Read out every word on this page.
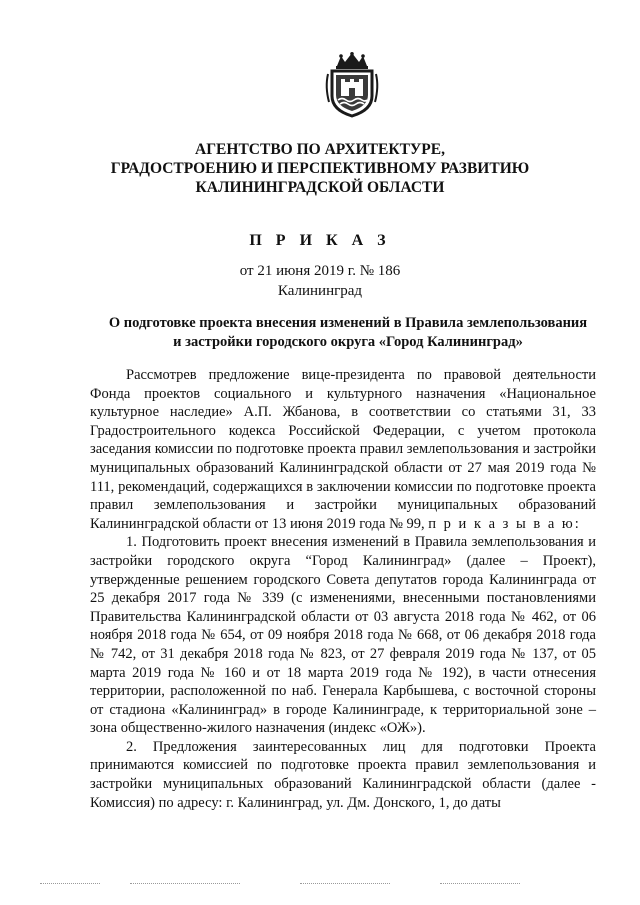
АГЕНТСТВО ПО АРХИТЕКТУРЕ,
ГРАДОСТРОЕНИЮ И ПЕРСПЕКТИВНОМУ РАЗВИТИЮ
КАЛИНИНГРАДСКОЙ ОБЛАСТИ
П Р И К А З
от 21 июня 2019 г. № 186
Калининград
О подготовке проекта внесения изменений в Правила землепользования
и застройки городского округа «Город Калининград»

Рассмотрев предложение вице-президента по правовой деятельности Фонда проектов социального и культурного назначения «Национальное культурное наследие» А.П. Жбанова, в соответствии со статьями 31, 33 Градостроительного кодекса Российской Федерации, с учетом протокола заседания комиссии по подготовке проекта правил землепользования и застройки муниципальных образований Калининградской области от 27 мая 2019 года № 111, рекомендаций, содержащихся в заключении комиссии по подготовке проекта правил землепользования и застройки муниципальных образований Калининградской области от 13 июня 2019 года № 99, п р и к а з ы в а ю:

1. Подготовить проект внесения изменений в Правила землепользования и застройки городского округа “Город Калининград» (далее – Проект), утвержденные решением городского Совета депутатов города Калининграда от 25 декабря 2017 года № 339 (с изменениями, внесенными постановлениями Правительства Калининградской области от 03 августа 2018 года № 462, от 06 ноября 2018 года № 654, от 09 ноября 2018 года № 668, от 06 декабря 2018 года № 742, от 31 декабря 2018 года № 823, от 27 февраля 2019 года № 137, от 05 марта 2019 года № 160 и от 18 марта 2019 года № 192), в части отнесения территории, расположенной по наб. Генерала Карбышева, с восточной стороны от стадиона «Калининград» в городе Калининграде, к территориальной зоне – зона общественно-жилого назначения (индекс «ОЖ»).

2. Предложения заинтересованных лиц для подготовки Проекта принимаются комиссией по подготовке проекта правил землепользования и застройки муниципальных образований Калининградской области (далее - Комиссия) по адресу: г. Калининград, ул. Дм. Донского, 1, до даты
